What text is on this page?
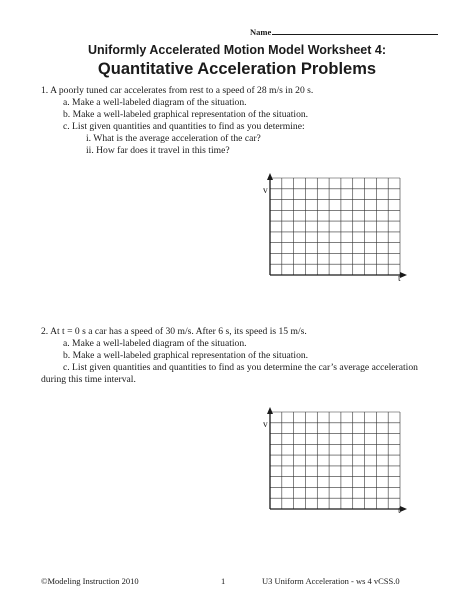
Name
Uniformly Accelerated Motion Model Worksheet 4:
Quantitative Acceleration Problems
1. A poorly tuned car accelerates from rest to a speed of 28 m/s in 20 s.
a. Make a well-labeled diagram of the situation.
b. Make a well-labeled graphical representation of the situation.
c. List given quantities and quantities to find as you determine:
i. What is the average acceleration of the car?
ii. How far does it travel in this time?
v
t
2. At t = 0 s a car has a speed of 30 m/s. After 6 s, its speed is 15 m/s.
a. Make a well-labeled diagram of the situation.
b. Make a well-labeled graphical representation of the situation.
c. List given quantities and quantities to find as you determine the car’s average acceleration
during this time interval.
v
t
©Modeling Instruction 2010	1	U3 Uniform Acceleration - ws 4 vCSS.0
